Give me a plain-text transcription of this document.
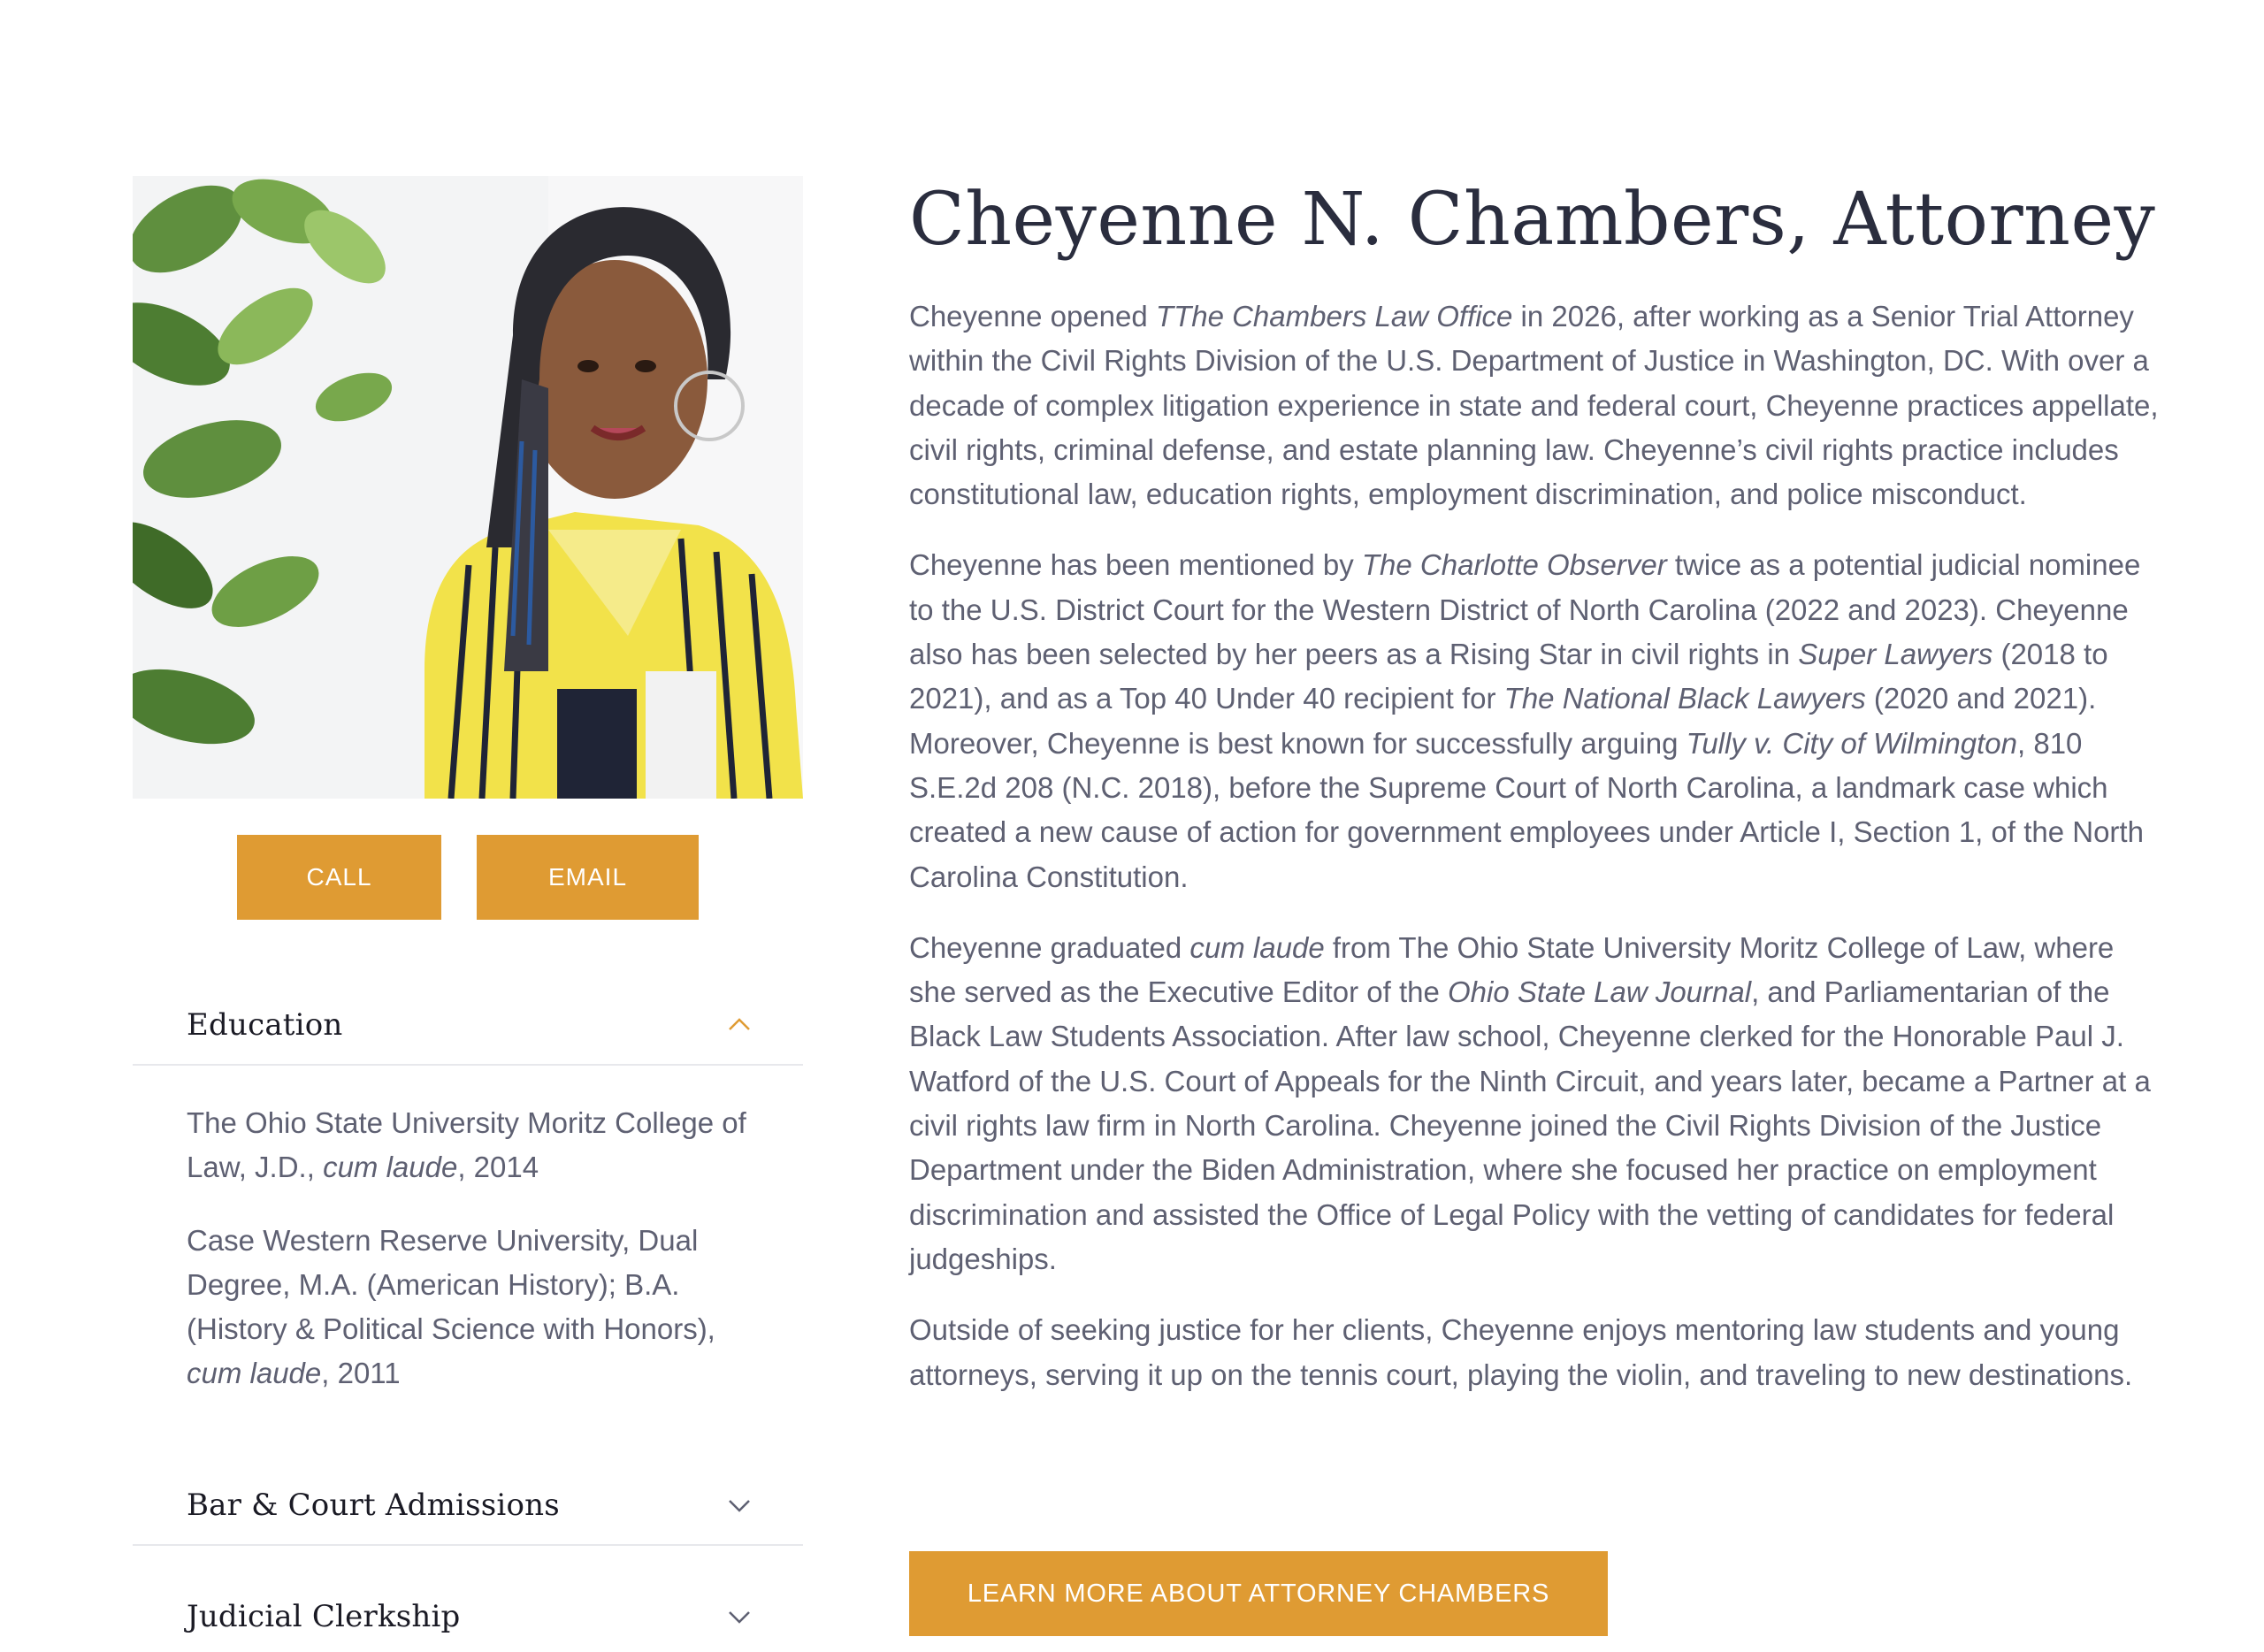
CALL	EMAIL
Education

The Ohio State University Moritz College of Law, J.D., cum laude, 2014

Case Western Reserve University, Dual Degree, M.A. (American History); B.A. (History & Political Science with Honors), cum laude, 2011

Bar & Court Admissions
Judicial Clerkship
Cheyenne N. Chambers, Attorney

Cheyenne opened TThe Chambers Law Office in 2026, after working as a Senior Trial Attorney within the Civil Rights Division of the U.S. Department of Justice in Washington, DC. With over a decade of complex litigation experience in state and federal court, Cheyenne practices appellate, civil rights, criminal defense, and estate planning law. Cheyenne’s civil rights practice includes constitutional law, education rights, employment discrimination, and police misconduct.

Cheyenne has been mentioned by The Charlotte Observer twice as a potential judicial nominee to the U.S. District Court for the Western District of North Carolina (2022 and 2023). Cheyenne also has been selected by her peers as a Rising Star in civil rights in Super Lawyers (2018 to 2021), and as a Top 40 Under 40 recipient for The National Black Lawyers (2020 and 2021). Moreover, Cheyenne is best known for successfully arguing Tully v. City of Wilmington, 810 S.E.2d 208 (N.C. 2018), before the Supreme Court of North Carolina, a landmark case which created a new cause of action for government employees under Article I, Section 1, of the North Carolina Constitution.

Cheyenne graduated cum laude from The Ohio State University Moritz College of Law, where she served as the Executive Editor of the Ohio State Law Journal, and Parliamentarian of the Black Law Students Association. After law school, Cheyenne clerked for the Honorable Paul J. Watford of the U.S. Court of Appeals for the Ninth Circuit, and years later, became a Partner at a civil rights law firm in North Carolina. Cheyenne joined the Civil Rights Division of the Justice Department under the Biden Administration, where she focused her practice on employment discrimination and assisted the Office of Legal Policy with the vetting of candidates for federal judgeships.

Outside of seeking justice for her clients, Cheyenne enjoys mentoring law students and young attorneys, serving it up on the tennis court, playing the violin, and traveling to new destinations.

LEARN MORE ABOUT ATTORNEY CHAMBERS
